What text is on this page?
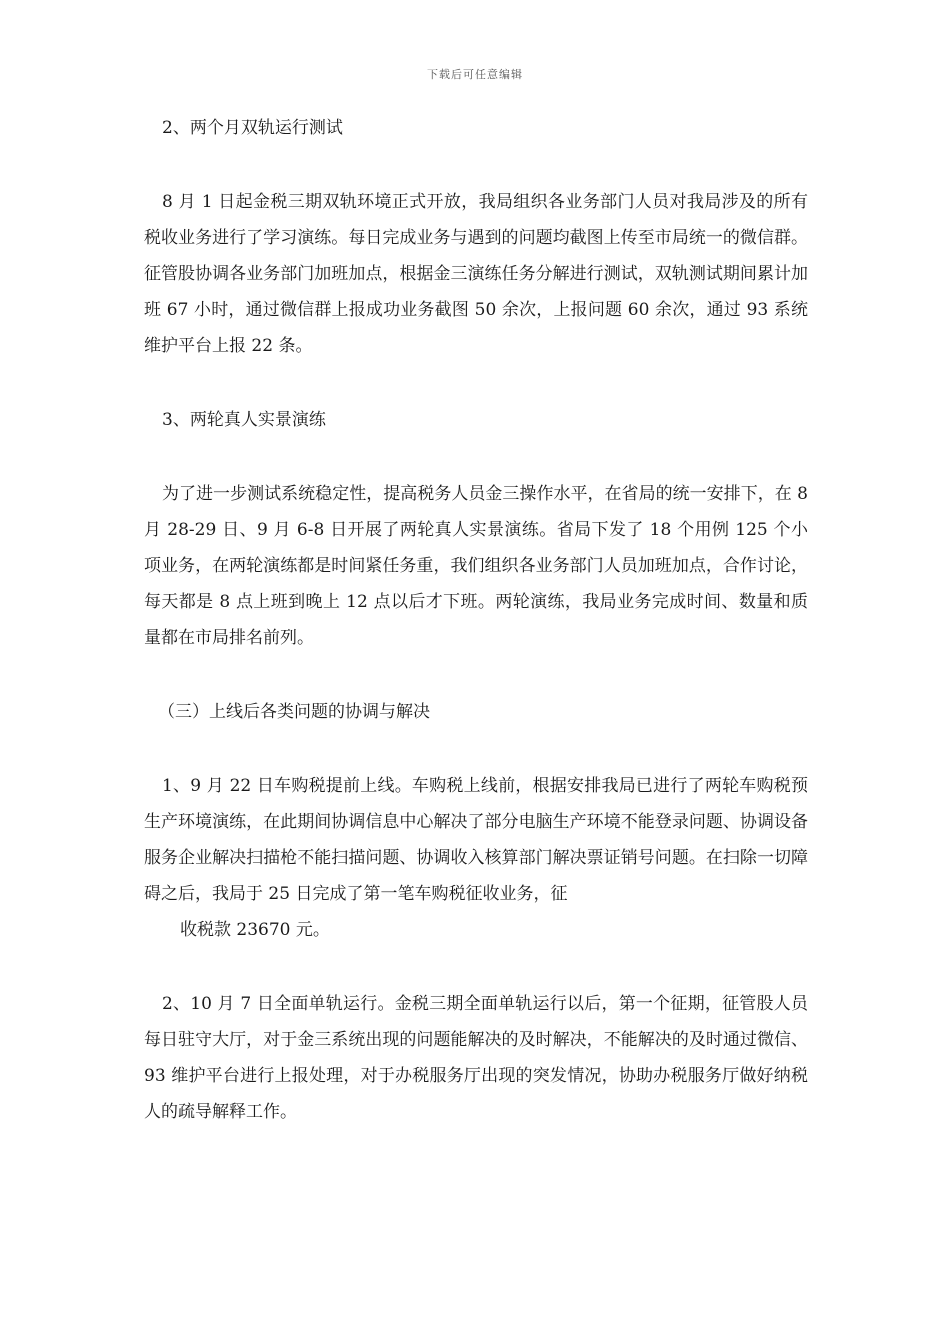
下载后可任意编辑

2、两个月双轨运行测试

8 月 1 日起金税三期双轨环境正式开放，我局组织各业务部门人员对我局涉及的所有税收业务进行了学习演练。每日完成业务与遇到的问题均截图上传至市局统一的微信群。征管股协调各业务部门加班加点，根据金三演练任务分解进行测试，双轨测试期间累计加班 67 小时，通过微信群上报成功业务截图 50 余次，上报问题 60 余次，通过 93 系统维护平台上报 22 条。

3、两轮真人实景演练

为了进一步测试系统稳定性，提高税务人员金三操作水平，在省局的统一安排下，在 8 月 28-29 日、9 月 6-8 日开展了两轮真人实景演练。省局下发了 18 个用例 125 个小项业务，在两轮演练都是时间紧任务重，我们组织各业务部门人员加班加点，合作讨论，每天都是 8 点上班到晚上 12 点以后才下班。两轮演练，我局业务完成时间、数量和质量都在市局排名前列。

（三）上线后各类问题的协调与解决

1、9 月 22 日车购税提前上线。车购税上线前，根据安排我局已进行了两轮车购税预生产环境演练，在此期间协调信息中心解决了部分电脑生产环境不能登录问题、协调设备服务企业解决扫描枪不能扫描问题、协调收入核算部门解决票证销号问题。在扫除一切障碍之后，我局于 25 日完成了第一笔车购税征收业务，征

收税款 23670 元。

2、10 月 7 日全面单轨运行。金税三期全面单轨运行以后，第一个征期，征管股人员每日驻守大厅，对于金三系统出现的问题能解决的及时解决，不能解决的及时通过微信、93 维护平台进行上报处理，对于办税服务厅出现的突发情况，协助办税服务厅做好纳税人的疏导解释工作。
